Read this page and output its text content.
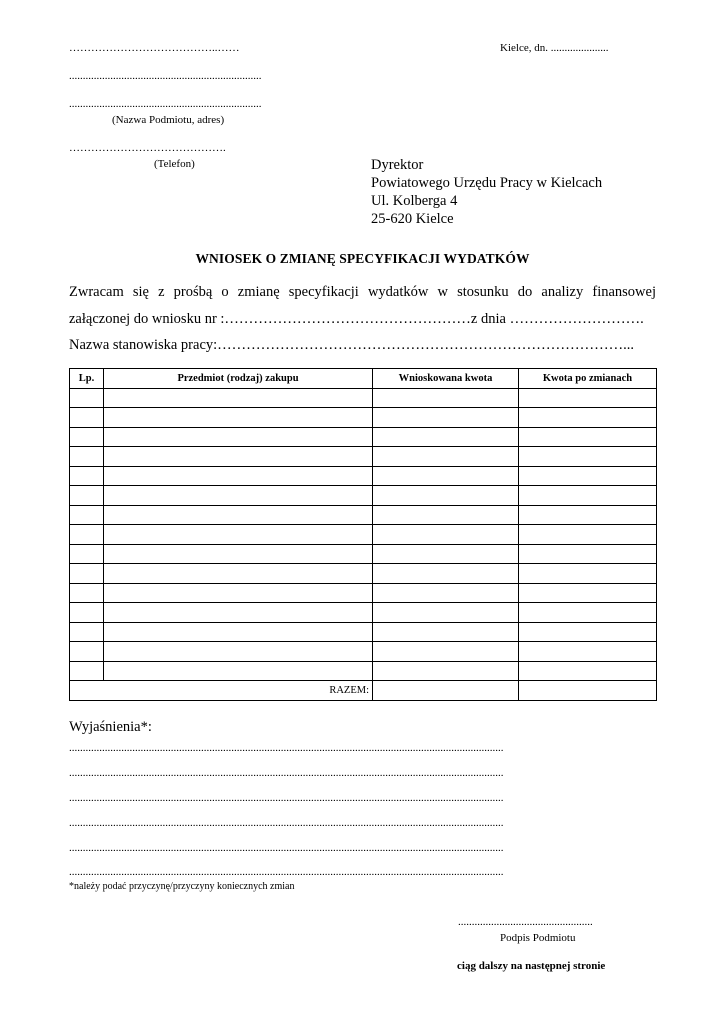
…………………………………..……	Kielce, dn. .....................
......................................................................
......................................................................
(Nazwa Podmiotu, adres)
…………………………………….
(Telefon)	Dyrektor
Powiatowego Urzędu Pracy w Kielcach
Ul. Kolberga 4
25-620 Kielce
WNIOSEK O ZMIANĘ SPECYFIKACJI WYDATKÓW
Zwracam się z prośbą o zmianę specyfikacji wydatków w stosunku do analizy finansowej
załączonej do wniosku nr :……………………………………………z dnia ……………………….
Nazwa stanowiska pracy:…………………………………………………………………………...
Lp.	Przedmiot (rodzaj) zakupu	Wnioskowana kwota	Kwota po zmianach

RAZEM:			
Wyjaśnienia*:
..............................................................................................................................................................
..............................................................................................................................................................
..............................................................................................................................................................
..............................................................................................................................................................
..............................................................................................................................................................
..............................................................................................................................................................
*należy podać przyczynę/przyczyny koniecznych zmian
.................................................
Podpis Podmiotu
ciąg dalszy na następnej stronie
